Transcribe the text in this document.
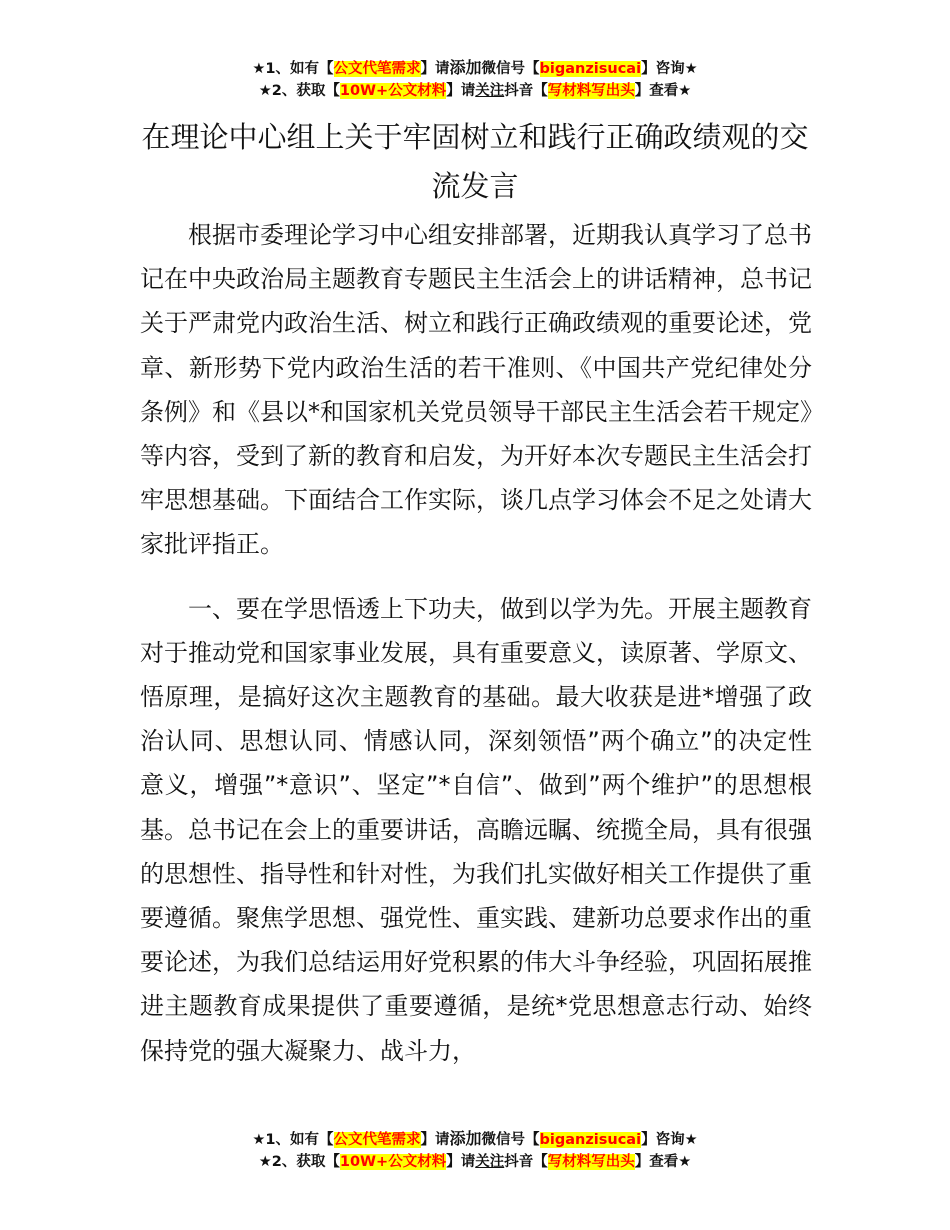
★1、如有【公文代笔需求】请添加微信号【biganzisucai】咨询★
★2、获取【10W+公文材料】请关注抖音【写材料写出头】查看★
在理论中心组上关于牢固树立和践行正确政绩观的交流发言

根据市委理论学习中心组安排部署，近期我认真学习了总书记在中央政治局主题教育专题民主生活会上的讲话精神，总书记关于严肃党内政治生活、树立和践行正确政绩观的重要论述，党章、新形势下党内政治生活的若干准则、《中国共产党纪律处分条例》和《县以*和国家机关党员领导干部民主生活会若干规定》等内容，受到了新的教育和启发，为开好本次专题民主生活会打牢思想基础。下面结合工作实际，谈几点学习体会不足之处请大家批评指正。

一、要在学思悟透上下功夫，做到以学为先。开展主题教育对于推动党和国家事业发展，具有重要意义，读原著、学原文、悟原理，是搞好这次主题教育的基础。最大收获是进*增强了政治认同、思想认同、情感认同，深刻领悟”两个确立”的决定性意义，增强”*意识”、坚定”*自信”、做到”两个维护”的思想根基。总书记在会上的重要讲话，高瞻远瞩、统揽全局，具有很强的思想性、指导性和针对性，为我们扎实做好相关工作提供了重要遵循。聚焦学思想、强党性、重实践、建新功总要求作出的重要论述，为我们总结运用好党积累的伟大斗争经验，巩固拓展推进主题教育成果提供了重要遵循，是统*党思想意志行动、始终保持党的强大凝聚力、战斗力，

★1、如有【公文代笔需求】请添加微信号【biganzisucai】咨询★
★2、获取【10W+公文材料】请关注抖音【写材料写出头】查看★
